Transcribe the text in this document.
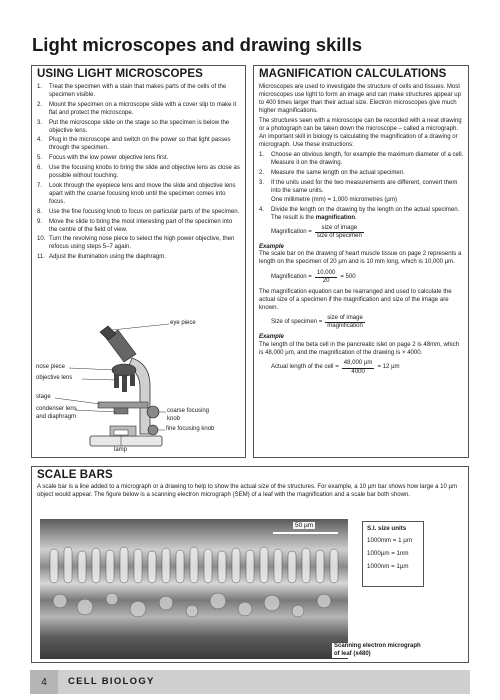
Light microscopes and drawing skills
USING LIGHT MICROSCOPES
1. Treat the specimen with a stain that makes parts of the cells of the specimen visible.
2. Mount the specimen on a microscope slide with a cover slip to make it flat and protect the microscope.
3. Put the microscope slide on the stage so the specimen is below the objective lens.
4. Plug in the microscope and switch on the power so that light passes through the specimen.
5. Focus with the low power objective lens first.
6. Use the focusing knobs to bring the slide and objective lens as close as possible without touching.
7. Look through the eyepiece lens and move the slide and objective lens apart with the coarse focusing knob until the specimen comes into focus.
8. Use the fine focusing knob to focus on particular parts of the specimen.
9. Move the slide to bring the most interesting part of the specimen into the centre of the field of view.
10. Turn the revolving nose piece to select the high power objective, then refocus using steps 5–7 again.
11. Adjust the illumination using the diaphragm.
eye piece
nose piece
objective lens
stage
condenser lens
and diaphragm
coarse focusing
knob
fine focusing knob
lamp
MAGNIFICATION CALCULATIONS

Microscopes are used to investigate the structure of cells and tissues. Most microscopes use light to form an image and can make structures appear up to 400 times larger than their actual size. Electron microscopes give much higher magnifications.

The structures seen with a microscope can be recorded with a neat drawing or a photograph can be taken down the microscope – called a micrograph. An important skill in biology is calculating the magnification of a drawing or micrograph. Use these instructions:

1. Choose an obvious length, for example the maximum diameter of a cell. Measure it on the drawing.
2. Measure the same length on the actual specimen.
3. If the units used for the two measurements are different, convert them into the same units.
One millimetre (mm) = 1,000 micrometres (µm)
4. Divide the length on the drawing by the length on the actual specimen. The result is the magnification.
Magnification = $\frac{\text{size of image}}{\text{size of specimen}}$
Example

The scale bar on the drawing of heart muscle tissue on page 2 represents a length on the specimen of 20 µm and is 10 mm long, which is 10,000 µm.

Magnification = $\frac{10,000}{20} = 500$

The magnification equation can be rearranged and used to calculate the actual size of a specimen if the magnification and size of the image are known.

Size of specimen = $\frac{\text{size of image}}{\text{magnification}}$
Example

The length of the beta cell in the pancreatic islet on page 2 is 48mm, which is 48,000 µm, and the magnification of the drawing is × 4000.

Actual length of the cell = $\frac{\text{48,000 µm}}{4000} = 12$ µm
SCALE BARS

A scale bar is a line added to a micrograph or a drawing to help to show the actual size of the structures. For example, a 10 µm bar shows how large a 10 µm object would appear. The figure below is a scanning electron micrograph (SEM) of a leaf with the magnification and a scale bar both shown.

50 µm	S.I. size units
1000mm = 1 µm
1000µm = 1nm
1000nm = 1µm
Scanning electron micrograph
of leaf (x480)
4	CELL BIOLOGY
